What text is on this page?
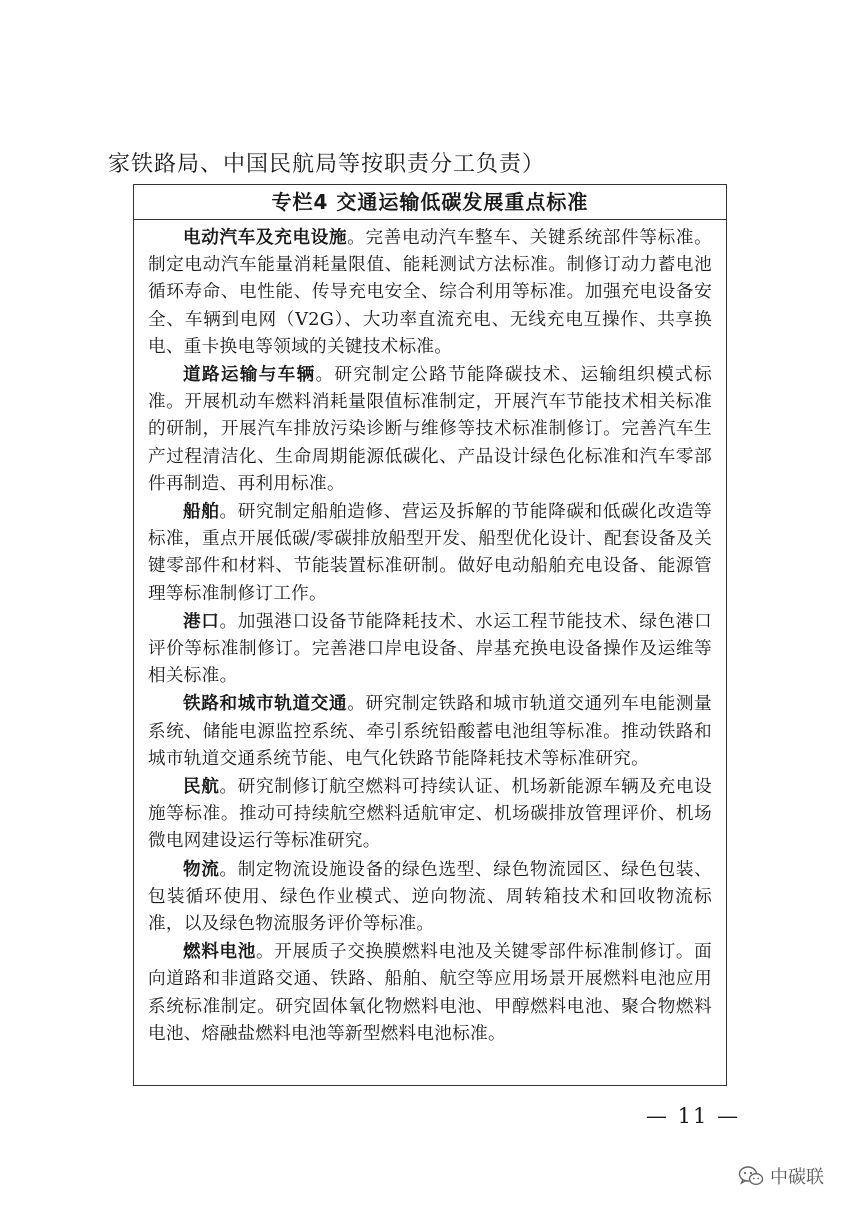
家铁路局、中国民航局等按职责分工负责）
专栏4 交通运输低碳发展重点标准

电动汽车及充电设施。完善电动汽车整车、关键系统部件等标准。制定电动汽车能量消耗量限值、能耗测试方法标准。制修订动力蓄电池循环寿命、电性能、传导充电安全、综合利用等标准。加强充电设备安全、车辆到电网（V2G）、大功率直流充电、无线充电互操作、共享换电、重卡换电等领域的关键技术标准。

道路运输与车辆。研究制定公路节能降碳技术、运输组织模式标准。开展机动车燃料消耗量限值标准制定，开展汽车节能技术相关标准的研制，开展汽车排放污染诊断与维修等技术标准制修订。完善汽车生产过程清洁化、生命周期能源低碳化、产品设计绿色化标准和汽车零部件再制造、再利用标准。

船舶。研究制定船舶造修、营运及拆解的节能降碳和低碳化改造等标准，重点开展低碳/零碳排放船型开发、船型优化设计、配套设备及关键零部件和材料、节能装置标准研制。做好电动船舶充电设备、能源管理等标准制修订工作。

港口。加强港口设备节能降耗技术、水运工程节能技术、绿色港口评价等标准制修订。完善港口岸电设备、岸基充换电设备操作及运维等相关标准。

铁路和城市轨道交通。研究制定铁路和城市轨道交通列车电能测量系统、储能电源监控系统、牵引系统铅酸蓄电池组等标准。推动铁路和城市轨道交通系统节能、电气化铁路节能降耗技术等标准研究。

民航。研究制修订航空燃料可持续认证、机场新能源车辆及充电设施等标准。推动可持续航空燃料适航审定、机场碳排放管理评价、机场微电网建设运行等标准研究。

物流。制定物流设施设备的绿色选型、绿色物流园区、绿色包装、包装循环使用、绿色作业模式、逆向物流、周转箱技术和回收物流标准，以及绿色物流服务评价等标准。

燃料电池。开展质子交换膜燃料电池及关键零部件标准制修订。面向道路和非道路交通、铁路、船舶、航空等应用场景开展燃料电池应用系统标准制定。研究固体氧化物燃料电池、甲醇燃料电池、聚合物燃料电池、熔融盐燃料电池等新型燃料电池标准。

— 11 —
中碳联
